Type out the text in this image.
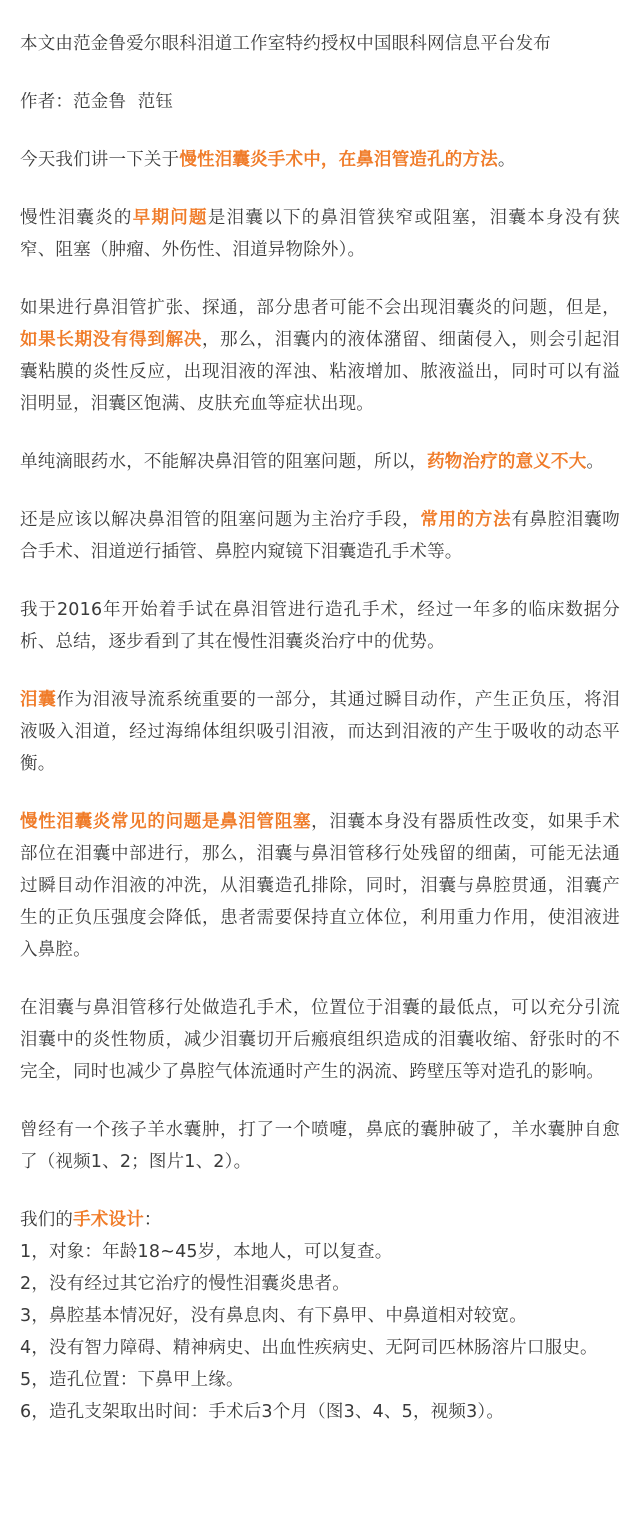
本文由范金鲁爱尔眼科泪道工作室特约授权中国眼科网信息平台发布

作者：范金鲁  范钰

今天我们讲一下关于慢性泪囊炎手术中，在鼻泪管造孔的方法。

慢性泪囊炎的早期问题是泪囊以下的鼻泪管狭窄或阻塞，泪囊本身没有狭窄、阻塞（肿瘤、外伤性、泪道异物除外）。

如果进行鼻泪管扩张、探通，部分患者可能不会出现泪囊炎的问题，但是，如果长期没有得到解决，那么，泪囊内的液体潴留、细菌侵入，则会引起泪囊粘膜的炎性反应，出现泪液的浑浊、粘液增加、脓液溢出，同时可以有溢泪明显，泪囊区饱满、皮肤充血等症状出现。

单纯滴眼药水，不能解决鼻泪管的阻塞问题，所以，药物治疗的意义不大。

还是应该以解决鼻泪管的阻塞问题为主治疗手段，常用的方法有鼻腔泪囊吻合手术、泪道逆行插管、鼻腔内窥镜下泪囊造孔手术等。

我于2016年开始着手试在鼻泪管进行造孔手术，经过一年多的临床数据分析、总结，逐步看到了其在慢性泪囊炎治疗中的优势。

泪囊作为泪液导流系统重要的一部分，其通过瞬目动作，产生正负压，将泪液吸入泪道，经过海绵体组织吸引泪液，而达到泪液的产生于吸收的动态平衡。

慢性泪囊炎常见的问题是鼻泪管阻塞，泪囊本身没有器质性改变，如果手术部位在泪囊中部进行，那么，泪囊与鼻泪管移行处残留的细菌，可能无法通过瞬目动作泪液的冲洗，从泪囊造孔排除，同时，泪囊与鼻腔贯通，泪囊产生的正负压强度会降低，患者需要保持直立体位，利用重力作用，使泪液进入鼻腔。

在泪囊与鼻泪管移行处做造孔手术，位置位于泪囊的最低点，可以充分引流泪囊中的炎性物质，减少泪囊切开后瘢痕组织造成的泪囊收缩、舒张时的不完全，同时也减少了鼻腔气体流通时产生的涡流、跨壁压等对造孔的影响。

曾经有一个孩子羊水囊肿，打了一个喷嚏，鼻底的囊肿破了，羊水囊肿自愈了（视频1、2；图片1、2）。

我们的手术设计：

1，对象：年龄18~45岁，本地人，可以复查。

2，没有经过其它治疗的慢性泪囊炎患者。

3，鼻腔基本情况好，没有鼻息肉、有下鼻甲、中鼻道相对较宽。

4，没有智力障碍、精神病史、出血性疾病史、无阿司匹林肠溶片口服史。

5，造孔位置：下鼻甲上缘。

6，造孔支架取出时间：手术后3个月（图3、4、5，视频3）。
